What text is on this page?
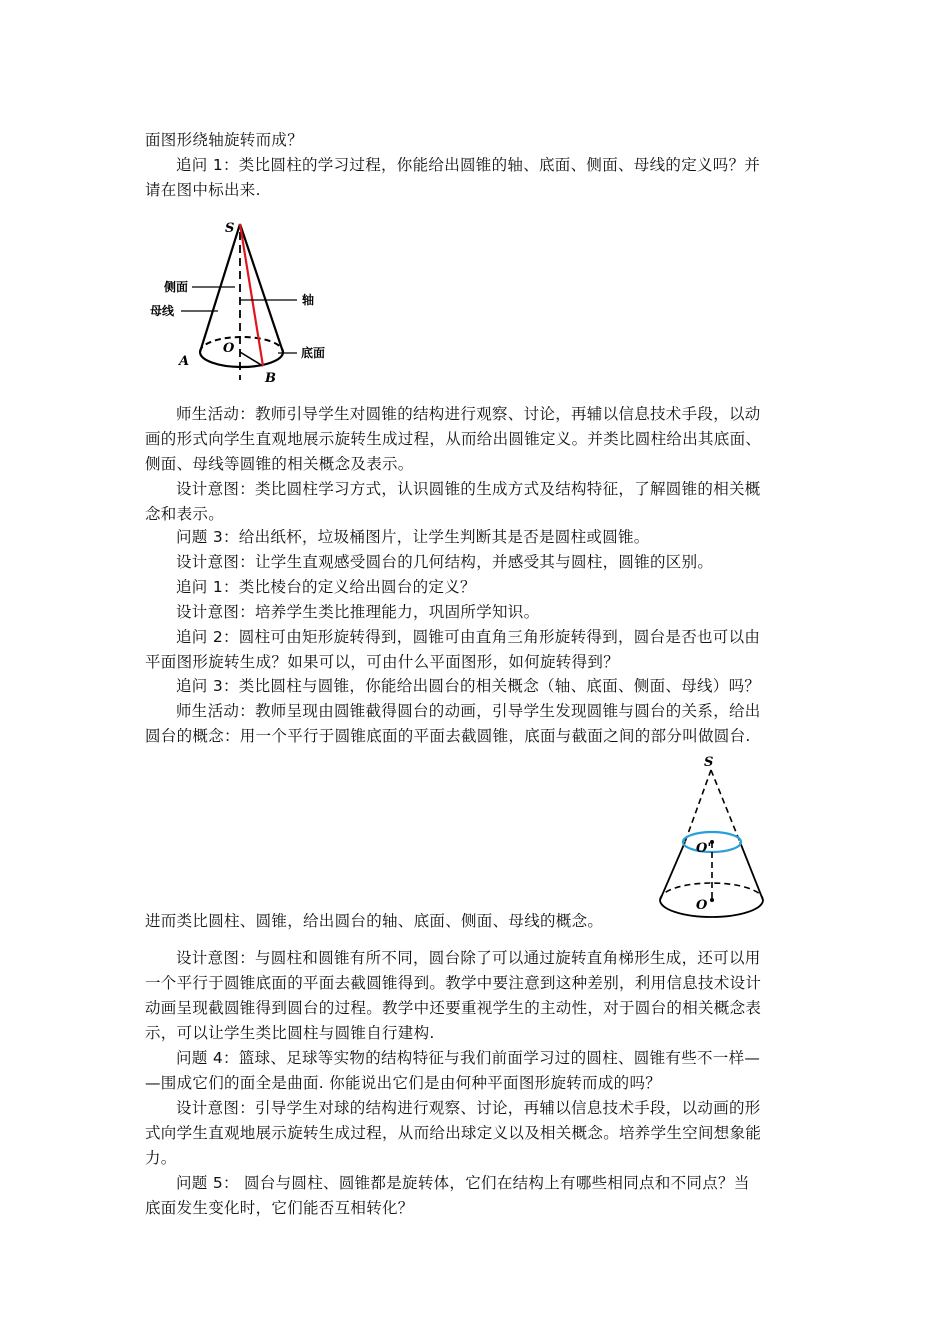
面图形绕轴旋转而成？
追问 1：类比圆柱的学习过程，你能给出圆锥的轴、底面、侧面、母线的定义吗？并
请在图中标出来.
S
O
A
B
侧面
母线
轴
底面
师生活动：教师引导学生对圆锥的结构进行观察、讨论，再辅以信息技术手段，以动
画的形式向学生直观地展示旋转生成过程，从而给出圆锥定义。并类比圆柱给出其底面、
侧面、母线等圆锥的相关概念及表示。
设计意图：类比圆柱学习方式，认识圆锥的生成方式及结构特征，了解圆锥的相关概
念和表示。
问题 3：给出纸杯，垃圾桶图片，让学生判断其是否是圆柱或圆锥。
设计意图：让学生直观感受圆台的几何结构，并感受其与圆柱，圆锥的区别。
追问 1：类比棱台的定义给出圆台的定义？
设计意图：培养学生类比推理能力，巩固所学知识。
追问 2：圆柱可由矩形旋转得到，圆锥可由直角三角形旋转得到，圆台是否也可以由
平面图形旋转生成？如果可以，可由什么平面图形，如何旋转得到？
追问 3：类比圆柱与圆锥，你能给出圆台的相关概念（轴、底面、侧面、母线）吗？
师生活动：教师呈现由圆锥截得圆台的动画，引导学生发现圆锥与圆台的关系，给出
圆台的概念：用一个平行于圆锥底面的平面去截圆锥，底面与截面之间的部分叫做圆台.
S
O'
O
进而类比圆柱、圆锥，给出圆台的轴、底面、侧面、母线的概念。
设计意图：与圆柱和圆锥有所不同，圆台除了可以通过旋转直角梯形生成，还可以用
一个平行于圆锥底面的平面去截圆锥得到。教学中要注意到这种差别，利用信息技术设计
动画呈现截圆锥得到圆台的过程。教学中还要重视学生的主动性，对于圆台的相关概念表
示，可以让学生类比圆柱与圆锥自行建构.
问题 4：篮球、足球等实物的结构特征与我们前面学习过的圆柱、圆锥有些不一样—
—围成它们的面全是曲面. 你能说出它们是由何种平面图形旋转而成的吗？
设计意图：引导学生对球的结构进行观察、讨论，再辅以信息技术手段，以动画的形
式向学生直观地展示旋转生成过程，从而给出球定义以及相关概念。培养学生空间想象能
力。
问题 5： 圆台与圆柱、圆锥都是旋转体，它们在结构上有哪些相同点和不同点？当
底面发生变化时，它们能否互相转化？
